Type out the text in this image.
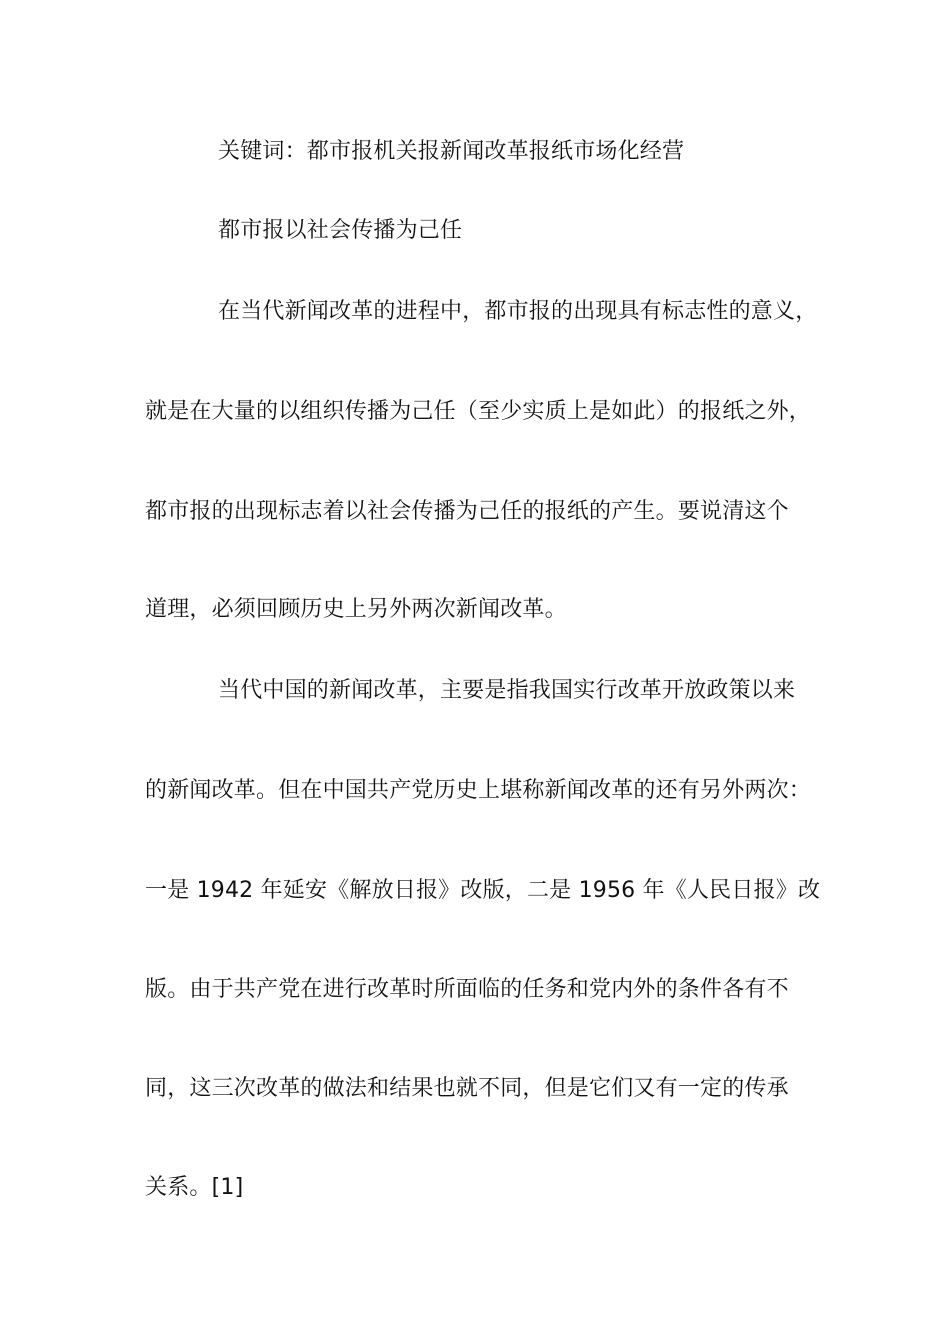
关键词：都市报机关报新闻改革报纸市场化经营
都市报以社会传播为己任
在当代新闻改革的进程中，都市报的出现具有标志性的意义，
就是在大量的以组织传播为己任（至少实质上是如此）的报纸之外，
都市报的出现标志着以社会传播为己任的报纸的产生。要说清这个
道理，必须回顾历史上另外两次新闻改革。
当代中国的新闻改革，主要是指我国实行改革开放政策以来
的新闻改革。但在中国共产党历史上堪称新闻改革的还有另外两次：
一是 1942 年延安《解放日报》改版，二是 1956 年《人民日报》改
版。由于共产党在进行改革时所面临的任务和党内外的条件各有不
同，这三次改革的做法和结果也就不同，但是它们又有一定的传承
关系。[1]
